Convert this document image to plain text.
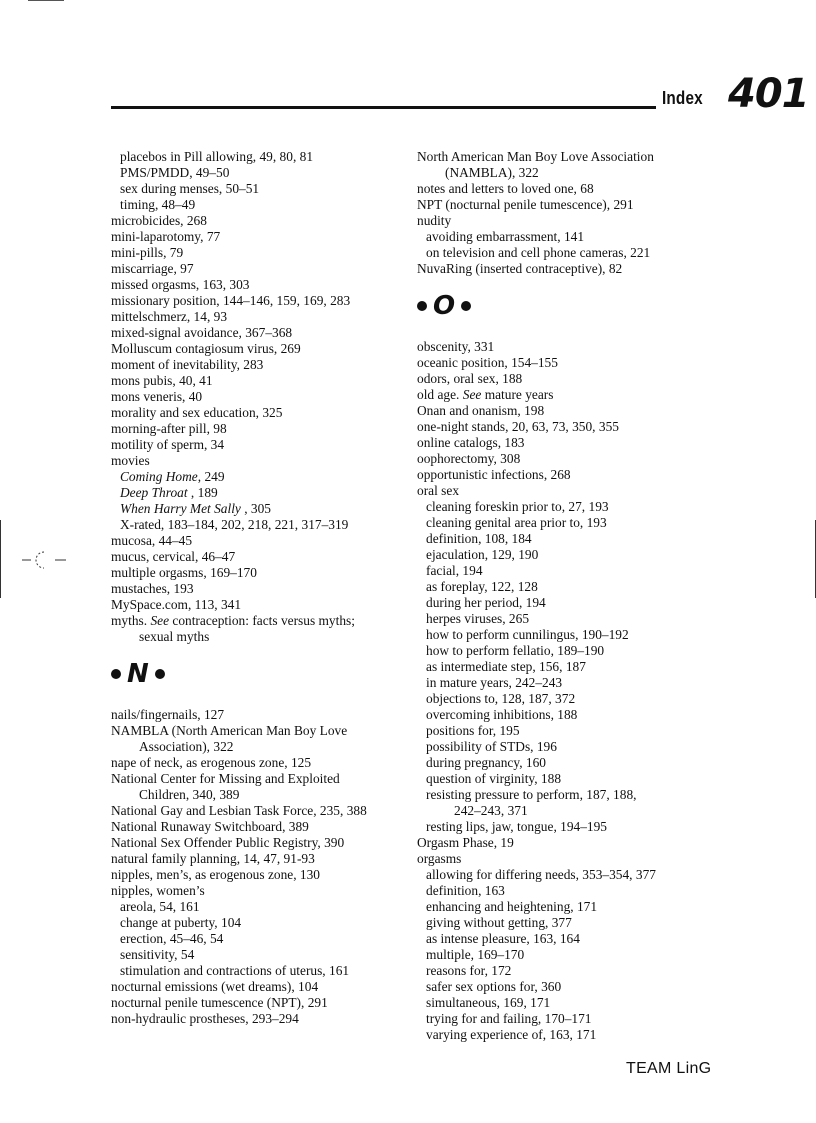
Index 401
placebos in Pill allowing, 49, 80, 81
PMS/PMDD, 49–50
sex during menses, 50–51
timing, 48–49
microbicides, 268
mini-laparotomy, 77
mini-pills, 79
miscarriage, 97
missed orgasms, 163, 303
missionary position, 144–146, 159, 169, 283
mittelschmerz, 14, 93
mixed-signal avoidance, 367–368
Molluscum contagiosum virus, 269
moment of inevitability, 283
mons pubis, 40, 41
mons veneris, 40
morality and sex education, 325
morning-after pill, 98
motility of sperm, 34
movies
Coming Home, 249
Deep Throat , 189
When Harry Met Sally , 305
X-rated, 183–184, 202, 218, 221, 317–319
mucosa, 44–45
mucus, cervical, 46–47
multiple orgasms, 169–170
mustaches, 193
MySpace.com, 113, 341
myths. See contraception: facts versus myths;
sexual myths
N
nails/fingernails, 127
NAMBLA (North American Man Boy Love
Association), 322
nape of neck, as erogenous zone, 125
National Center for Missing and Exploited
Children, 340, 389
National Gay and Lesbian Task Force, 235, 388
National Runaway Switchboard, 389
National Sex Offender Public Registry, 390
natural family planning, 14, 47, 91-93
nipples, men’s, as erogenous zone, 130
nipples, women’s
areola, 54, 161
change at puberty, 104
erection, 45–46, 54
sensitivity, 54
stimulation and contractions of uterus, 161
nocturnal emissions (wet dreams), 104
nocturnal penile tumescence (NPT), 291
non-hydraulic prostheses, 293–294
North American Man Boy Love Association
(NAMBLA), 322
notes and letters to loved one, 68
NPT (nocturnal penile tumescence), 291
nudity
avoiding embarrassment, 141
on television and cell phone cameras, 221
NuvaRing (inserted contraceptive), 82
O
obscenity, 331
oceanic position, 154–155
odors, oral sex, 188
old age. See mature years
Onan and onanism, 198
one-night stands, 20, 63, 73, 350, 355
online catalogs, 183
oophorectomy, 308
opportunistic infections, 268
oral sex
cleaning foreskin prior to, 27, 193
cleaning genital area prior to, 193
definition, 108, 184
ejaculation, 129, 190
facial, 194
as foreplay, 122, 128
during her period, 194
herpes viruses, 265
how to perform cunnilingus, 190–192
how to perform fellatio, 189–190
as intermediate step, 156, 187
in mature years, 242–243
objections to, 128, 187, 372
overcoming inhibitions, 188
positions for, 195
possibility of STDs, 196
during pregnancy, 160
question of virginity, 188
resisting pressure to perform, 187, 188,
242–243, 371
resting lips, jaw, tongue, 194–195
Orgasm Phase, 19
orgasms
allowing for differing needs, 353–354, 377
definition, 163
enhancing and heightening, 171
giving without getting, 377
as intense pleasure, 163, 164
multiple, 169–170
reasons for, 172
safer sex options for, 360
simultaneous, 169, 171
trying for and failing, 170–171
varying experience of, 163, 171
TEAM LinG
